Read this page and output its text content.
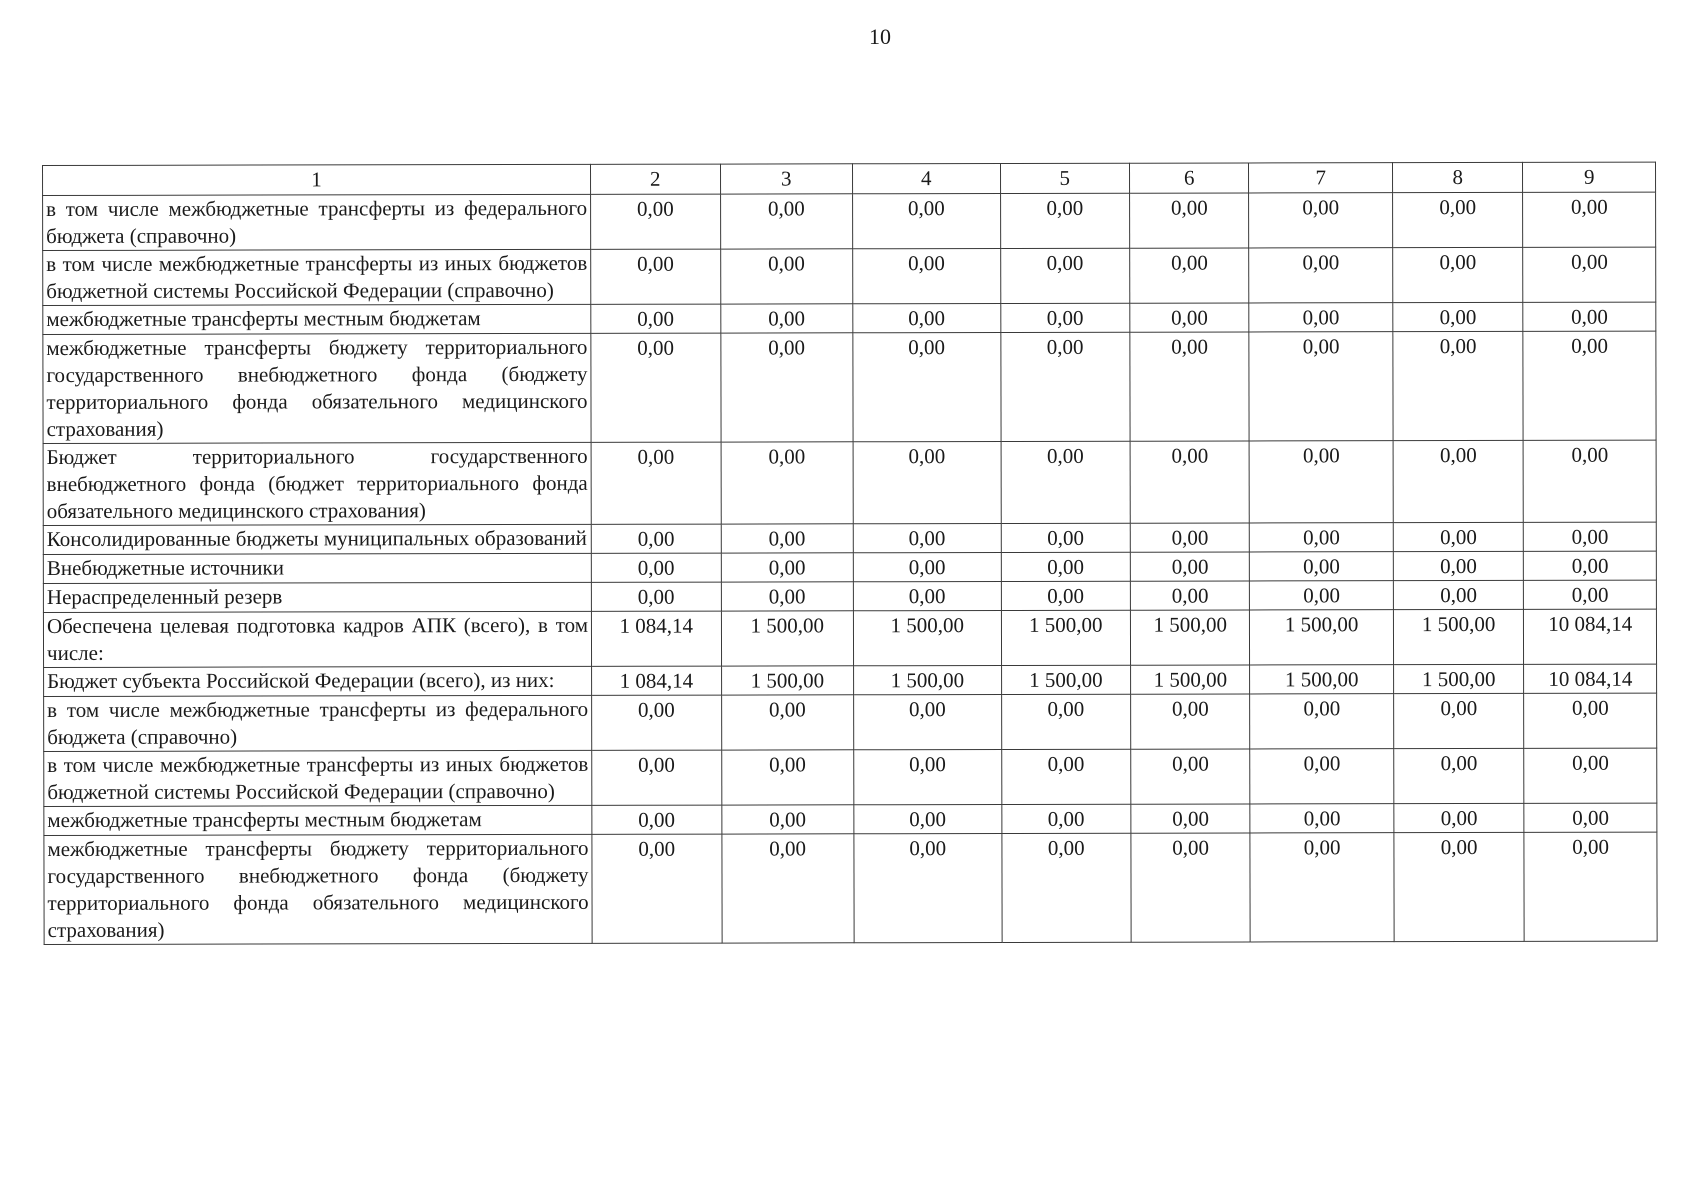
10
1	2	3	4	5	6	7	8	9
в том числе межбюджетные трансферты из федерального бюджета (справочно)	0,00	0,00	0,00	0,00	0,00	0,00	0,00	0,00
в том числе межбюджетные трансферты из иных бюджетов бюджетной системы Российской Федерации (справочно)	0,00	0,00	0,00	0,00	0,00	0,00	0,00	0,00
межбюджетные трансферты местным бюджетам	0,00	0,00	0,00	0,00	0,00	0,00	0,00	0,00
межбюджетные трансферты бюджету территориального государственного внебюджетного фонда (бюджету территориального фонда обязательного медицинского страхования)	0,00	0,00	0,00	0,00	0,00	0,00	0,00	0,00
Бюджет территориального государственного внебюджетного фонда (бюджет территориального фонда обязательного медицинского страхования)	0,00	0,00	0,00	0,00	0,00	0,00	0,00	0,00
Консолидированные бюджеты муниципальных образований	0,00	0,00	0,00	0,00	0,00	0,00	0,00	0,00
Внебюджетные источники	0,00	0,00	0,00	0,00	0,00	0,00	0,00	0,00
Нераспределенный резерв	0,00	0,00	0,00	0,00	0,00	0,00	0,00	0,00
Обеспечена целевая подготовка кадров АПК (всего), в том числе:	1 084,14	1 500,00	1 500,00	1 500,00	1 500,00	1 500,00	1 500,00	10 084,14
Бюджет субъекта Российской Федерации (всего), из них:	1 084,14	1 500,00	1 500,00	1 500,00	1 500,00	1 500,00	1 500,00	10 084,14
в том числе межбюджетные трансферты из федерального бюджета (справочно)	0,00	0,00	0,00	0,00	0,00	0,00	0,00	0,00
в том числе межбюджетные трансферты из иных бюджетов бюджетной системы Российской Федерации (справочно)	0,00	0,00	0,00	0,00	0,00	0,00	0,00	0,00
межбюджетные трансферты местным бюджетам	0,00	0,00	0,00	0,00	0,00	0,00	0,00	0,00
межбюджетные трансферты бюджету территориального государственного внебюджетного фонда (бюджету территориального фонда обязательного медицинского страхования)	0,00	0,00	0,00	0,00	0,00	0,00	0,00	0,00
